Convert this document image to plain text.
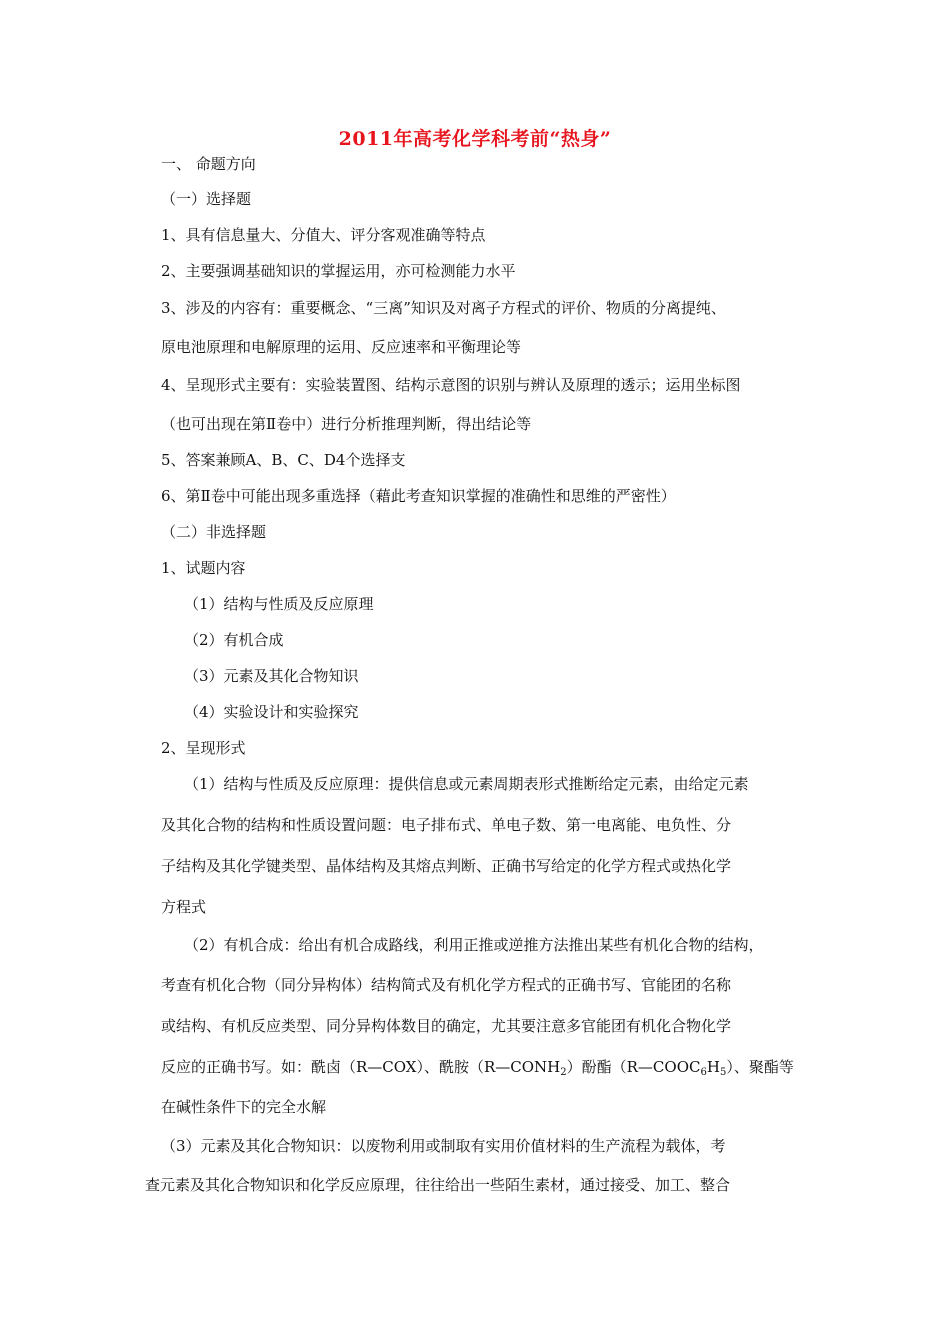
2011年高考化学科考前“热身”
一、 命题方向
（一）选择题
1、具有信息量大、分值大、评分客观准确等特点
2、主要强调基础知识的掌握运用，亦可检测能力水平
3、涉及的内容有：重要概念、“三离”知识及对离子方程式的评价、物质的分离提纯、
原电池原理和电解原理的运用、反应速率和平衡理论等
4、呈现形式主要有：实验装置图、结构示意图的识别与辨认及原理的透示；运用坐标图
（也可出现在第Ⅱ卷中）进行分析推理判断，得出结论等
5、答案兼顾A、B、C、D4个选择支
6、第Ⅱ卷中可能出现多重选择（藉此考查知识掌握的准确性和思维的严密性）
（二）非选择题
1、试题内容
（1）结构与性质及反应原理
（2）有机合成
（3）元素及其化合物知识
（4）实验设计和实验探究
2、呈现形式
（1）结构与性质及反应原理：提供信息或元素周期表形式推断给定元素，由给定元素
及其化合物的结构和性质设置问题：电子排布式、单电子数、第一电离能、电负性、分
子结构及其化学键类型、晶体结构及其熔点判断、正确书写给定的化学方程式或热化学
方程式
（2）有机合成：给出有机合成路线，利用正推或逆推方法推出某些有机化合物的结构，
考查有机化合物（同分异构体）结构简式及有机化学方程式的正确书写、官能团的名称
或结构、有机反应类型、同分异构体数目的确定，尤其要注意多官能团有机化合物化学
反应的正确书写。如：酰卤（R—COX）、酰胺$(R—CONH_2)$酚酯$(R—COOC_6H_5)$、聚酯等
在碱性条件下的完全水解
（3）元素及其化合物知识：以废物利用或制取有实用价值材料的生产流程为载体，考
查元素及其化合物知识和化学反应原理，往往给出一些陌生素材，通过接受、加工、整合
